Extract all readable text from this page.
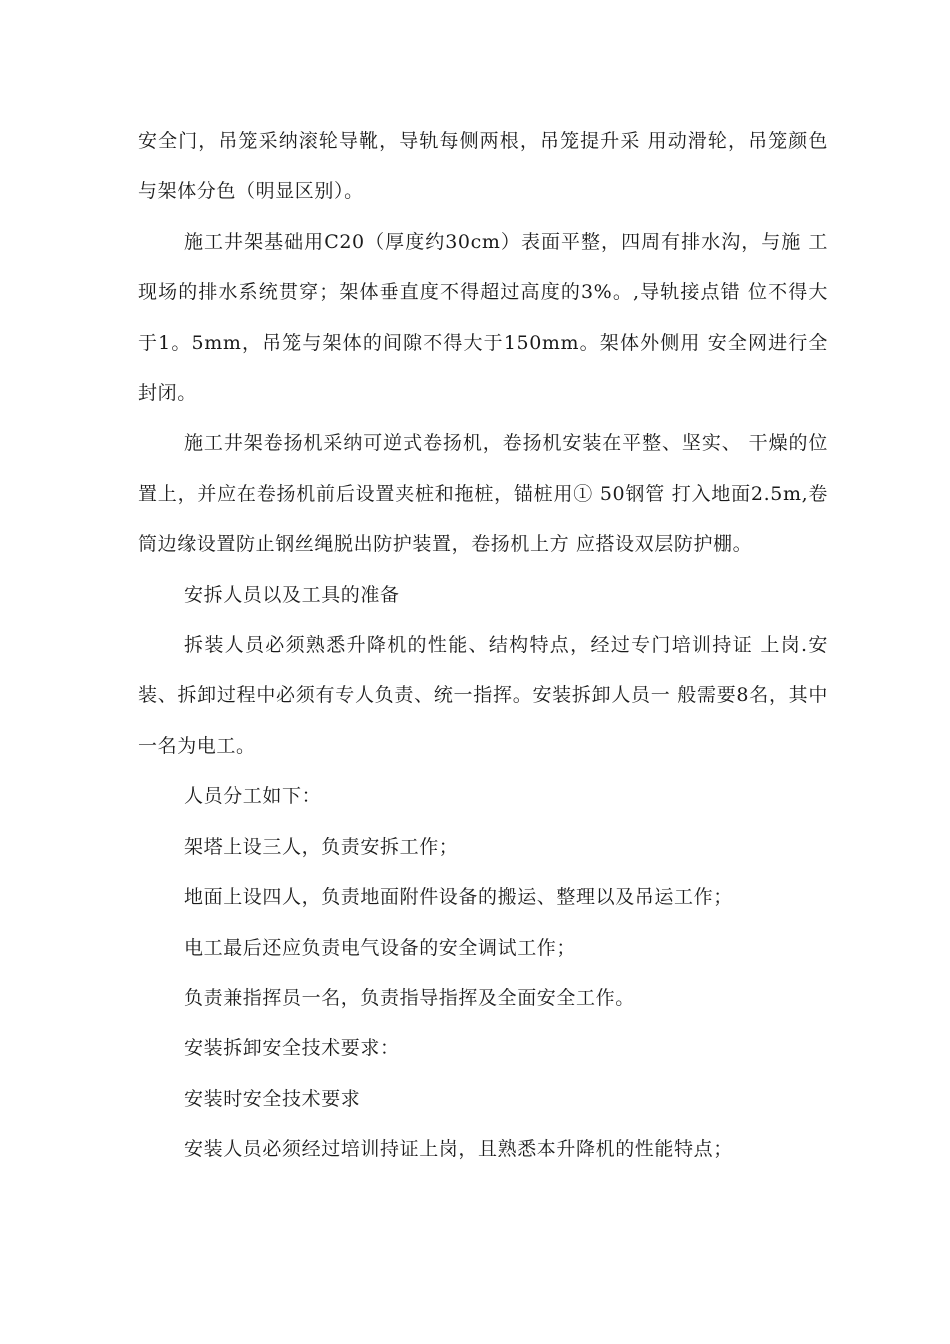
安全门，吊笼采纳滚轮导靴，导轨每侧两根，吊笼提升采 用动滑轮，吊笼颜色与架体分色（明显区别）。

施工井架基础用C20（厚度约30cm）表面平整，四周有排水沟，与施 工现场的排水系统贯穿；架体垂直度不得超过高度的3%。,导轨接点错 位不得大于1。5mm，吊笼与架体的间隙不得大于150mm。架体外侧用 安全网进行全封闭。

施工井架卷扬机采纳可逆式卷扬机，卷扬机安装在平整、坚实、 干燥的位置上，并应在卷扬机前后设置夹桩和拖桩，锚桩用① 50钢管 打入地面2.5m,卷筒边缘设置防止钢丝绳脱出防护装置，卷扬机上方 应搭设双层防护棚。

安拆人员以及工具的准备

拆装人员必须熟悉升降机的性能、结构特点，经过专门培训持证 上岗.安装、拆卸过程中必须有专人负责、统一指挥。安装拆卸人员一 般需要8名，其中一名为电工。

人员分工如下：

架塔上设三人，负责安拆工作；

地面上设四人，负责地面附件设备的搬运、整理以及吊运工作；

电工最后还应负责电气设备的安全调试工作；

负责兼指挥员一名，负责指导指挥及全面安全工作。

安装拆卸安全技术要求：

安装时安全技术要求

安装人员必须经过培训持证上岗，且熟悉本升降机的性能特点；
